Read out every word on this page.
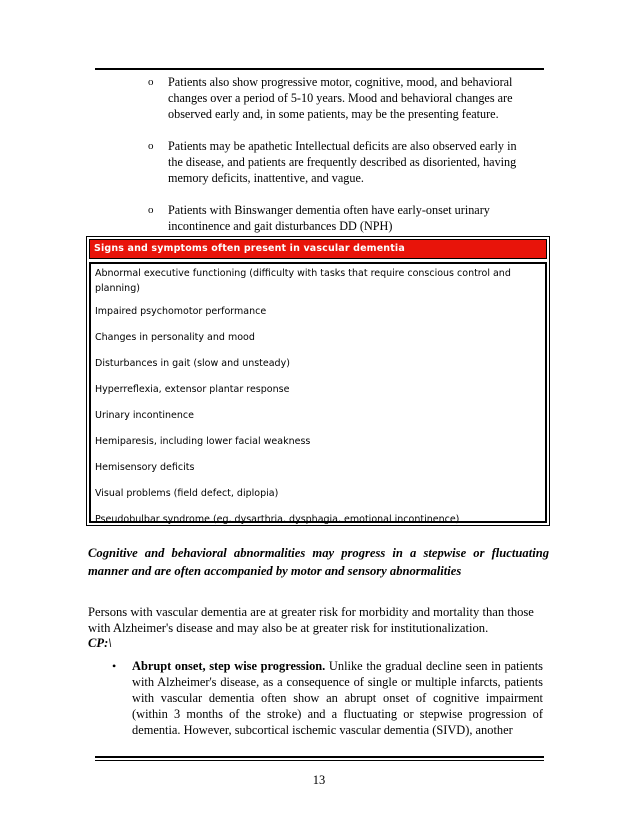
o Patients also show progressive motor, cognitive, mood, and behavioral changes over a period of 5-10 years. Mood and behavioral changes are observed early and, in some patients, may be the presenting feature.
o Patients may be apathetic Intellectual deficits are also observed early in the disease, and patients are frequently described as disoriented, having memory deficits, inattentive, and vague.
o Patients with Binswanger dementia often have early-onset urinary incontinence and gait disturbances DD (NPH)
Signs and symptoms often present in vascular dementia
Abnormal executive functioning (difficulty with tasks that require conscious control and planning)
Impaired psychomotor performance
Changes in personality and mood
Disturbances in gait (slow and unsteady)
Hyperreflexia, extensor plantar response
Urinary incontinence
Hemiparesis, including lower facial weakness
Hemisensory deficits
Visual problems (field defect, diplopia)
Pseudobulbar syndrome (eg, dysarthria, dysphagia, emotional incontinence)

Cognitive and behavioral abnormalities may progress in a stepwise or fluctuating manner and are often accompanied by motor and sensory abnormalities

Persons with vascular dementia are at greater risk for morbidity and mortality than those with Alzheimer's disease and may also be at greater risk for institutionalization.

CP:\
• Abrupt onset, step wise progression. Unlike the gradual decline seen in patients with Alzheimer's disease, as a consequence of single or multiple infarcts, patients with vascular dementia often show an abrupt onset of cognitive impairment (within 3 months of the stroke) and a fluctuating or stepwise progression of dementia. However, subcortical ischemic vascular dementia (SIVD), another

13
